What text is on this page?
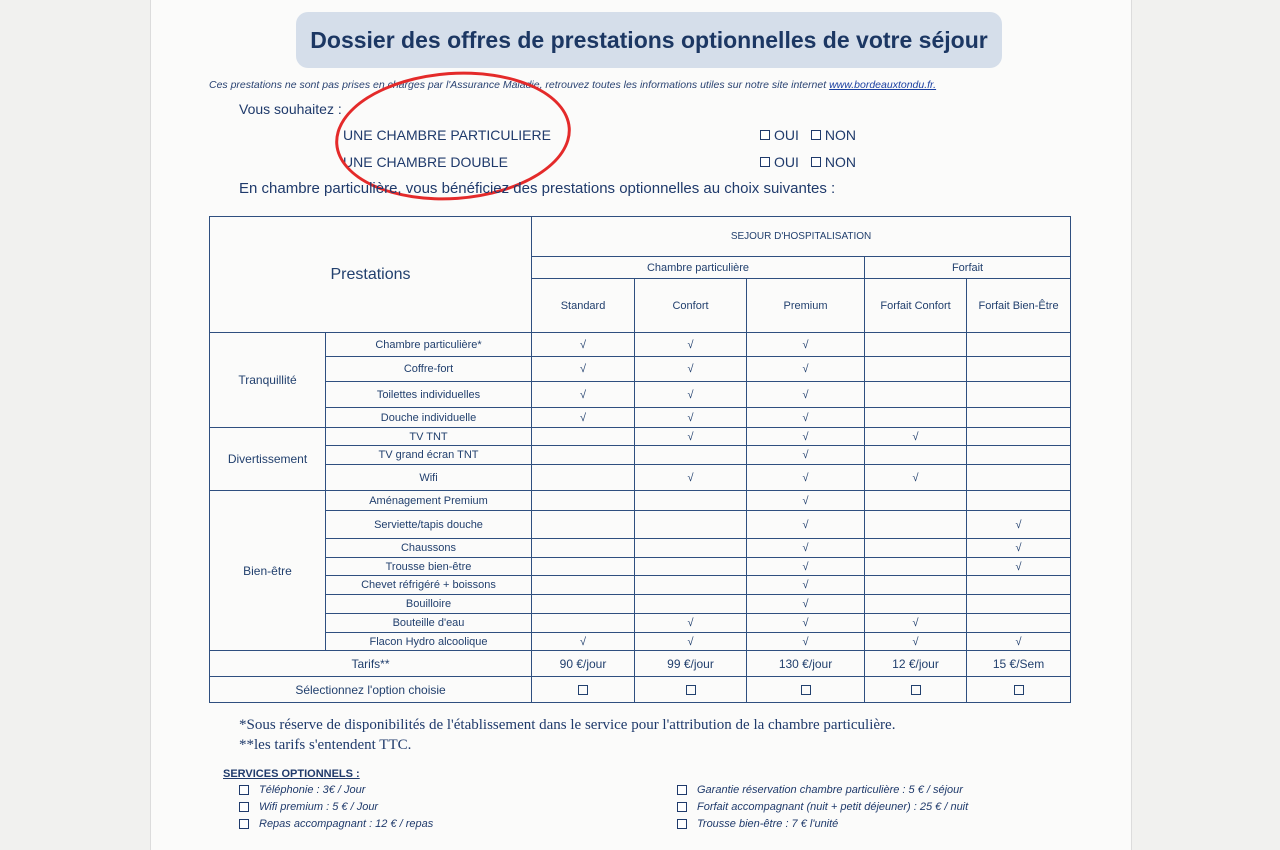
Dossier des offres de prestations optionnelles de votre séjour
Ces prestations ne sont pas prises en charges par l'Assurance Maladie, retrouvez toutes les informations utiles sur notre site internet www.bordeauxtondu.fr.
Vous souhaitez :
UNE CHAMBRE PARTICULIERE	OUI NON
UNE CHAMBRE DOUBLE	OUI NON
En chambre particulière, vous bénéficiez des prestations optionnelles au choix suivantes :
Prestations		SEJOUR D'HOSPITALISATION				
		Chambre particulière			Forfait	
		Standard	Confort	Premium	Forfait Confort	Forfait Bien-Être
Tranquillité	Chambre particulière*	√	√	√		
	Coffre-fort	√	√	√		
	Toilettes individuelles	√	√	√		
	Douche individuelle	√	√	√		
Divertissement	TV TNT		√	√	√	
	TV grand écran TNT			√		
	Wifi		√	√	√	
Bien-être	Aménagement Premium			√		
	Serviette/tapis douche			√		√
	Chaussons			√		√
	Trousse bien-être			√		√
	Chevet réfrigéré + boissons			√		
	Bouilloire			√		
	Bouteille d'eau		√	√	√	
	Flacon Hydro alcoolique	√	√	√	√	√
Tarifs**		90 €/jour	99 €/jour	130 €/jour	12 €/jour	15 €/Sem
Sélectionnez l'option choisie						
*Sous réserve de disponibilités de l'établissement dans le service pour l'attribution de la chambre particulière.
**les tarifs s'entendent TTC.
SERVICES OPTIONNELS :
Téléphonie : 3€ / Jour
Wifi premium : 5 € / Jour
Repas accompagnant : 12 € / repas
Garantie réservation chambre particulière : 5 € / séjour
Forfait accompagnant (nuit + petit déjeuner) : 25 € / nuit
Trousse bien-être : 7 € l'unité
